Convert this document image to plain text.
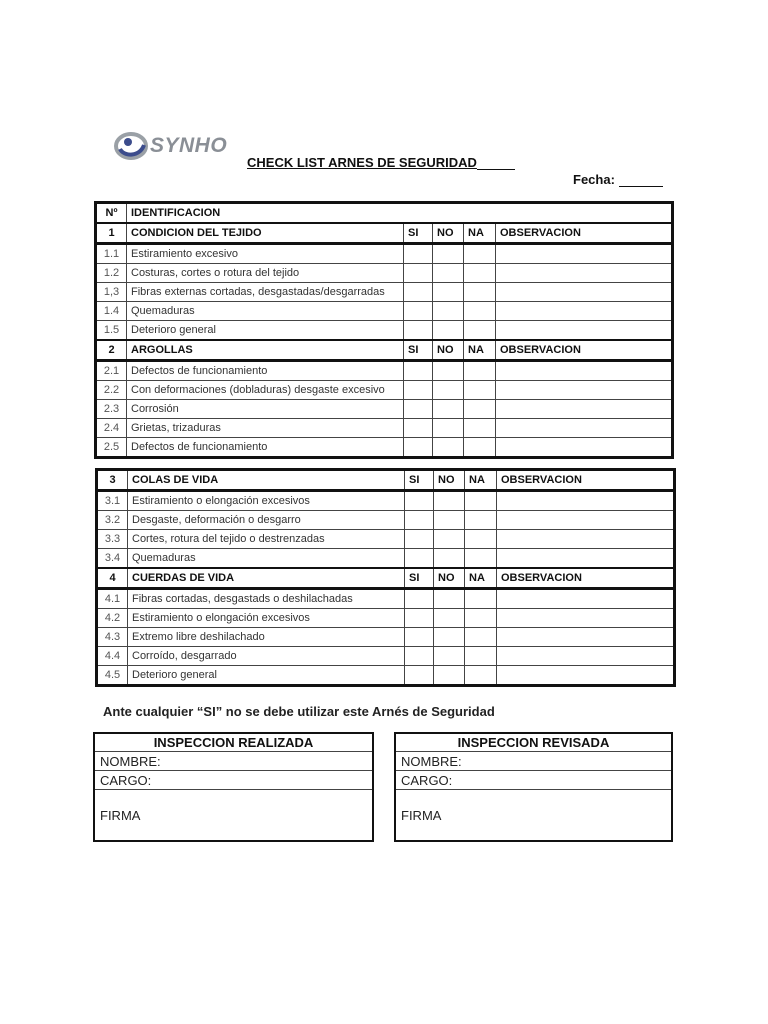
SYNHO
CHECK LIST ARNES DE SEGURIDAD
Fecha:
Nº	IDENTIFICACION				
1	CONDICION DEL TEJIDO	SI	NO	NA	OBSERVACION
1.1	Estiramiento excesivo				
1.2	Costuras, cortes o rotura del tejido				
1,3	Fibras externas cortadas, desgastadas/desgarradas				
1.4	Quemaduras				
1.5	Deterioro general				
2	ARGOLLAS	SI	NO	NA	OBSERVACION
2.1	Defectos de funcionamiento				
2.2	Con deformaciones (dobladuras) desgaste excesivo				
2.3	Corrosión				
2.4	Grietas, trizaduras				
2.5	Defectos de funcionamiento				
3	COLAS DE VIDA	SI	NO	NA	OBSERVACION
3.1	Estiramiento o elongación excesivos				
3.2	Desgaste, deformación o desgarro				
3.3	Cortes, rotura del tejido o destrenzadas				
3.4	Quemaduras				
4	CUERDAS DE VIDA	SI	NO	NA	OBSERVACION
4.1	Fibras cortadas, desgastads o deshilachadas				
4.2	Estiramiento o elongación excesivos				
4.3	Extremo libre deshilachado				
4.4	Corroído, desgarrado				
4.5	Deterioro general				
Ante cualquier “SI” no se debe utilizar este Arnés de Seguridad
INSPECCION REALIZADA
NOMBRE:
CARGO:
FIRMA
INSPECCION REVISADA
NOMBRE:
CARGO:
FIRMA
